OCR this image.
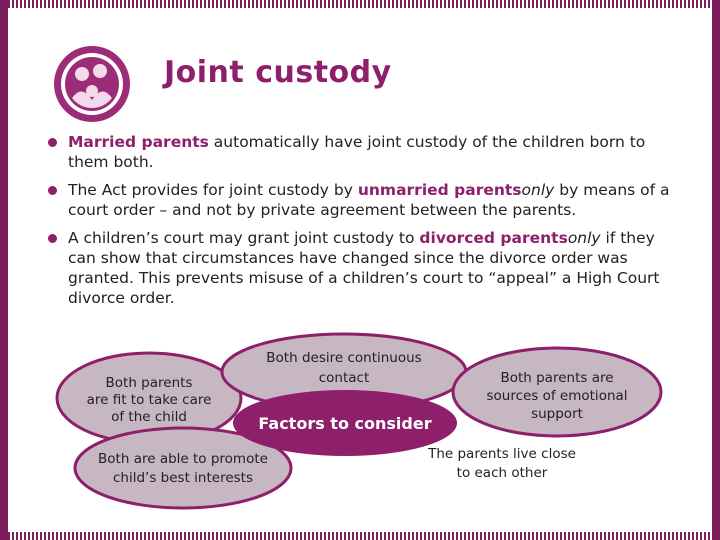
Joint custody
Married parents automatically have joint custody of the children born to them both.
The Act provides for joint custody by unmarried parentsonly by means of a court order – and not by private agreement between the parents.
A children’s court may grant joint custody to divorced parentsonly if they can show that circumstances have changed since the divorce order was granted. This prevents misuse of a children’s court to “appeal” a High Court divorce order.
Both parents
are fit to take care
of the child
Both desire continuous
contact	Both parents are
sources of emotional
support
Both are able to promote
child’s best interests
Factors to consider
The parents live close
to each other
